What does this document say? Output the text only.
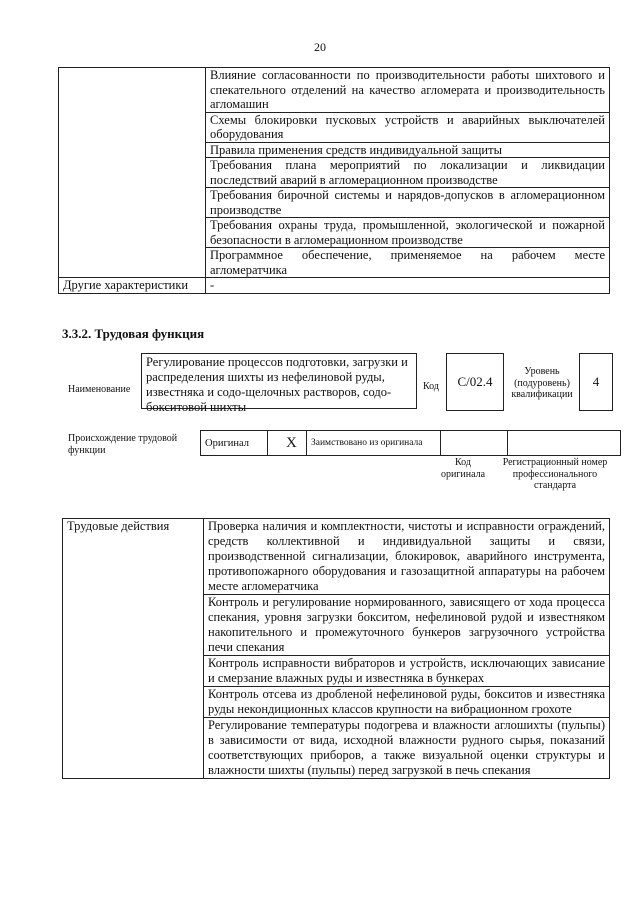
20
	Влияние согласованности по производительности работы шихтового и спекательного отделений на качество агломерата и производительность агломашин
	Схемы блокировки пусковых устройств и аварийных выключателей оборудования
	Правила применения средств индивидуальной защиты
	Требования плана мероприятий по локализации и ликвидации последствий аварий в агломерационном производстве
	Требования бирочной системы и нарядов-допусков в агломерационном производстве
	Требования охраны труда, промышленной, экологической и пожарной безопасности в агломерационном производстве
	Программное обеспечение, применяемое на рабочем месте агломератчика
Другие характеристики	-
3.3.2. Трудовая функция
Наименование
Регулирование процессов подготовки, загрузки и распределения шихты из нефелиновой руды, известняка и содо-щелочных растворов, содо-бокситовой шихты
Код	С/02.4
Уровень (подуровень) квалификации
4
Происхождение трудовой функции
Оригинал	X	Заимствовано из оригинала		
Код оригинала
Регистрационный номер профессионального стандарта
Трудовые действия	Проверка наличия и комплектности, чистоты и исправности ограждений, средств коллективной и индивидуальной защиты и связи, производственной сигнализации, блокировок, аварийного инструмента, противопожарного оборудования и газозащитной аппаратуры на рабочем месте агломератчика
Контроль и регулирование нормированного, зависящего от хода процесса спекания, уровня загрузки бокситом, нефелиновой рудой и известняком накопительного и промежуточного бункеров загрузочного устройства печи спекания
Контроль исправности вибраторов и устройств, исключающих зависание и смерзание влажных руды и известняка в бункерах
Контроль отсева из дробленой нефелиновой руды, бокситов и известняка руды некондиционных классов крупности на вибрационном грохоте
Регулирование температуры подогрева и влажности аглошихты (пульпы) в зависимости от вида, исходной влажности рудного сырья, показаний соответствующих приборов, а также визуальной оценки структуры и влажности шихты (пульпы) перед загрузкой в печь спекания
